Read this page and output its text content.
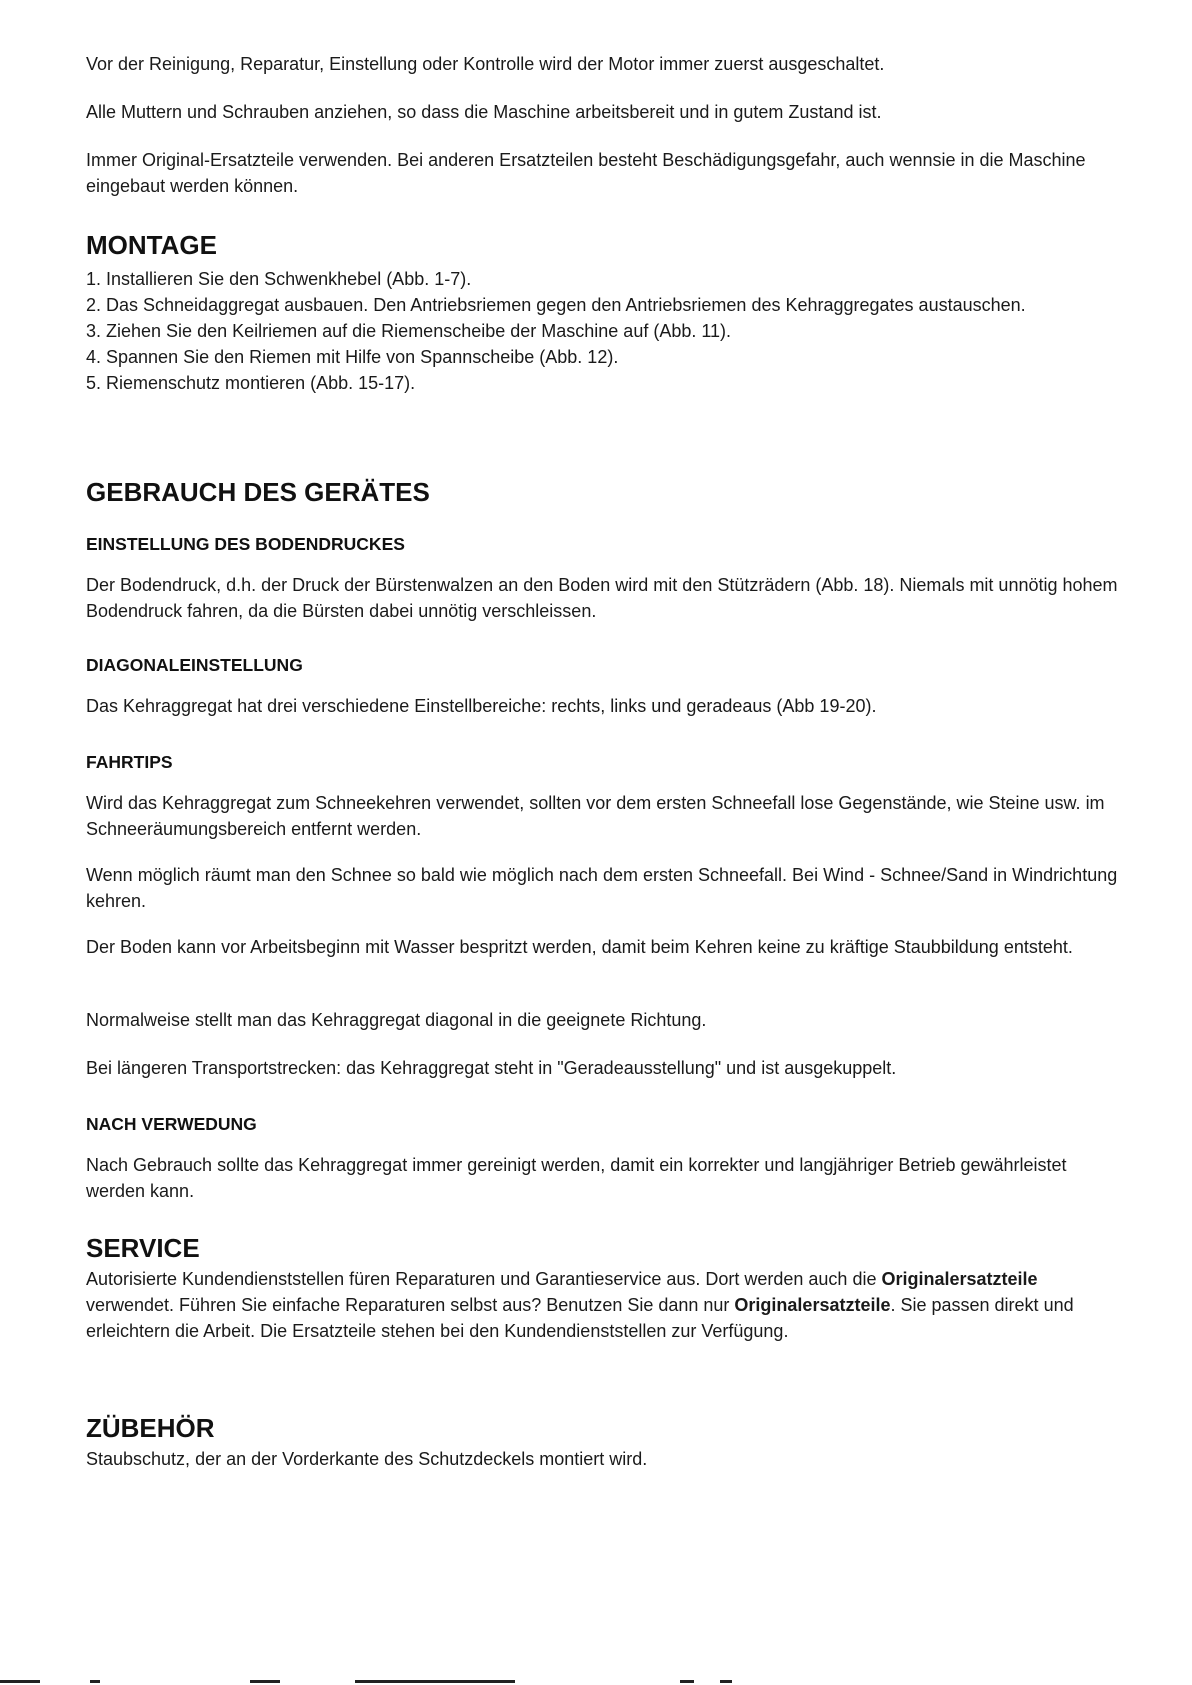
Vor der Reinigung, Reparatur, Einstellung oder Kontrolle wird der Motor immer zuerst ausgeschaltet.

Alle Muttern und Schrauben anziehen, so dass die Maschine arbeitsbereit und in gutem Zustand ist.

Immer Original-Ersatzteile verwenden. Bei anderen Ersatzteilen besteht Beschädigungsgefahr, auch wennsie in die Maschine eingebaut werden können.

MONTAGE
1. Installieren Sie den Schwenkhebel (Abb. 1-7).
2. Das Schneidaggregat ausbauen. Den Antriebsriemen gegen den Antriebsriemen des Kehraggregates austauschen.
3. Ziehen Sie den Keilriemen auf die Riemenscheibe der Maschine auf (Abb. 11).
4. Spannen Sie den Riemen mit Hilfe von Spannscheibe (Abb. 12).
5. Riemenschutz montieren (Abb. 15-17).
GEBRAUCH DES GERÄTES
EINSTELLUNG DES BODENDRUCKES

Der Bodendruck, d.h. der Druck der Bürstenwalzen an den Boden wird mit den Stützrädern (Abb. 18). Niemals mit unnötig hohem Bodendruck fahren, da die Bürsten dabei unnötig verschleissen.

DIAGONALEINSTELLUNG

Das Kehraggregat hat drei verschiedene Einstellbereiche: rechts, links und geradeaus (Abb 19-20).

FAHRTIPS

Wird das Kehraggregat zum Schneekehren verwendet, sollten vor dem ersten Schneefall lose Gegenstände, wie Steine usw. im Schneeräumungsbereich entfernt werden.

Wenn möglich räumt man den Schnee so bald wie möglich nach dem ersten Schneefall. Bei Wind - Schnee/Sand in Windrichtung kehren.

Der Boden kann vor Arbeitsbeginn mit Wasser bespritzt werden, damit beim Kehren keine zu kräftige Staubbildung entsteht.

Normalweise stellt man das Kehraggregat diagonal in die geeignete Richtung.

Bei längeren Transportstrecken: das Kehraggregat steht in "Geradeausstellung" und ist ausgekuppelt.

NACH VERWEDUNG

Nach Gebrauch sollte das Kehraggregat immer gereinigt werden, damit ein korrekter und langjähriger Betrieb gewährleistet werden kann.

SERVICE

Autorisierte Kundendienststellen füren Reparaturen und Garantieservice aus. Dort werden auch die Originalersatzteile verwendet. Führen Sie einfache Reparaturen selbst aus? Benutzen Sie dann nur Originalersatzteile. Sie passen direkt und erleichtern die Arbeit. Die Ersatzteile stehen bei den Kundendienststellen zur Verfügung.

ZÜBEHÖR

Staubschutz, der an der Vorderkante des Schutzdeckels montiert wird.
